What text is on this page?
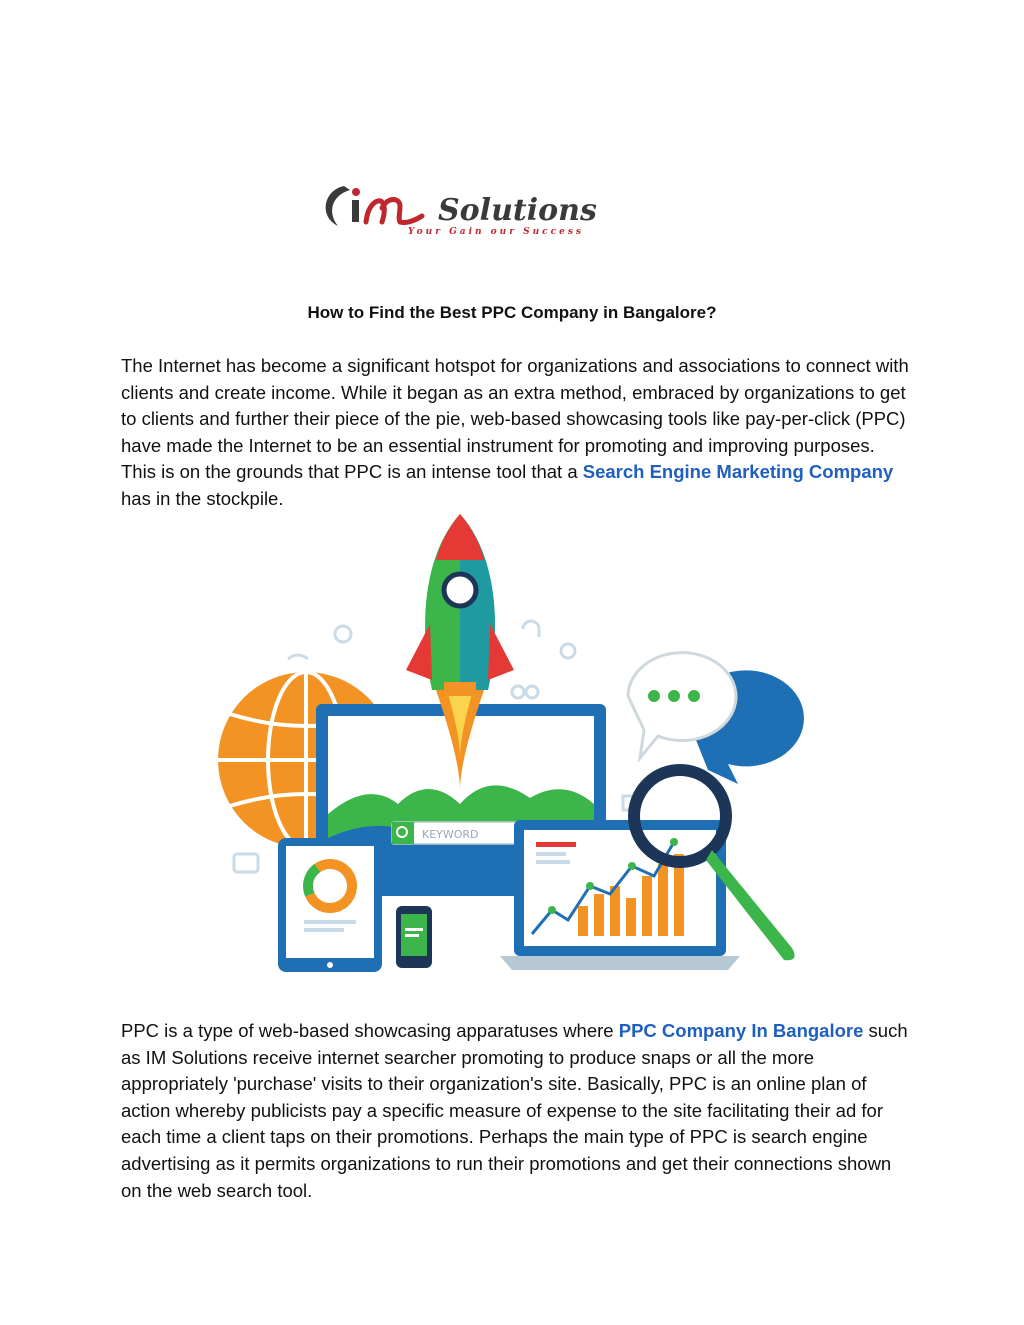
Solutions
Your Gain our Success
How to Find the Best PPC Company in Bangalore?

The Internet has become a significant hotspot for organizations and associations to connect with clients and create income. While it began as an extra method, embraced by organizations to get to clients and further their piece of the pie, web-based showcasing tools like pay-per-click (PPC) have made the Internet to be an essential instrument for promoting and improving purposes. This is on the grounds that PPC is an intense tool that a Search Engine Marketing Company has in the stockpile.

KEYWORD

PPC is a type of web-based showcasing apparatuses where PPC Company In Bangalore such as IM Solutions receive internet searcher promoting to produce snaps or all the more appropriately 'purchase' visits to their organization's site. Basically, PPC is an online plan of action whereby publicists pay a specific measure of expense to the site facilitating their ad for each time a client taps on their promotions. Perhaps the main type of PPC is search engine advertising as it permits organizations to run their promotions and get their connections shown on the web search tool.
